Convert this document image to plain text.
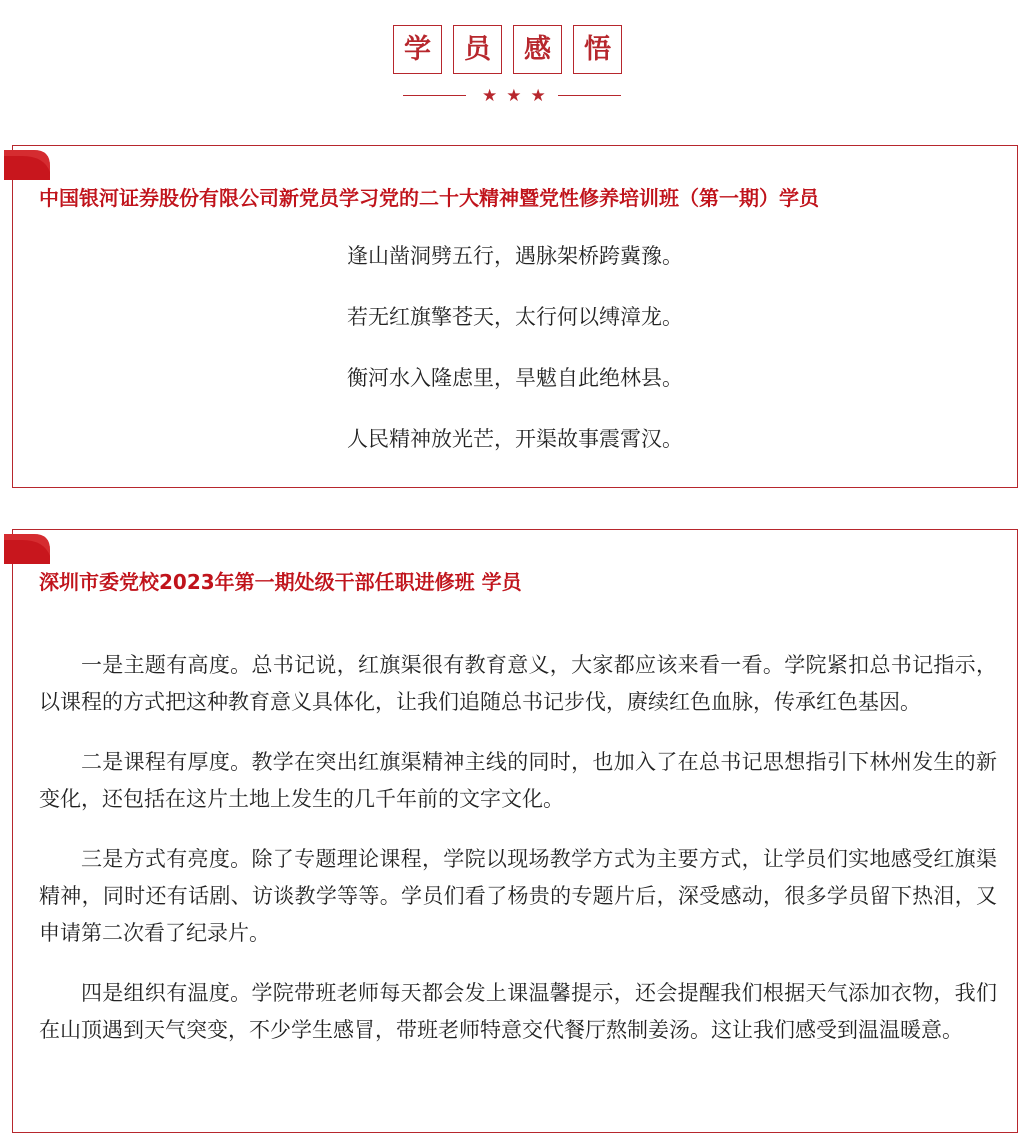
学	员	感	悟
★★★
中国银河证券股份有限公司新党员学习党的二十大精神暨党性修养培训班（第一期）学员
逢山凿洞劈五行，遇脉架桥跨冀豫。
若无红旗擎苍天，太行何以缚漳龙。
衡河水入隆虑里，旱魃自此绝林县。
人民精神放光芒，开渠故事震霄汉。
深圳市委党校2023年第一期处级干部任职进修班 学员

一是主题有高度。总书记说，红旗渠很有教育意义，大家都应该来看一看。学院紧扣总书记指示，以课程的方式把这种教育意义具体化，让我们追随总书记步伐，赓续红色血脉，传承红色基因。

二是课程有厚度。教学在突出红旗渠精神主线的同时，也加入了在总书记思想指引下林州发生的新变化，还包括在这片土地上发生的几千年前的文字文化。

三是方式有亮度。除了专题理论课程，学院以现场教学方式为主要方式，让学员们实地感受红旗渠精神，同时还有话剧、访谈教学等等。学员们看了杨贵的专题片后，深受感动，很多学员留下热泪，又申请第二次看了纪录片。

四是组织有温度。学院带班老师每天都会发上课温馨提示，还会提醒我们根据天气添加衣物，我们在山顶遇到天气突变，不少学生感冒，带班老师特意交代餐厅熬制姜汤。这让我们感受到温温暖意。
